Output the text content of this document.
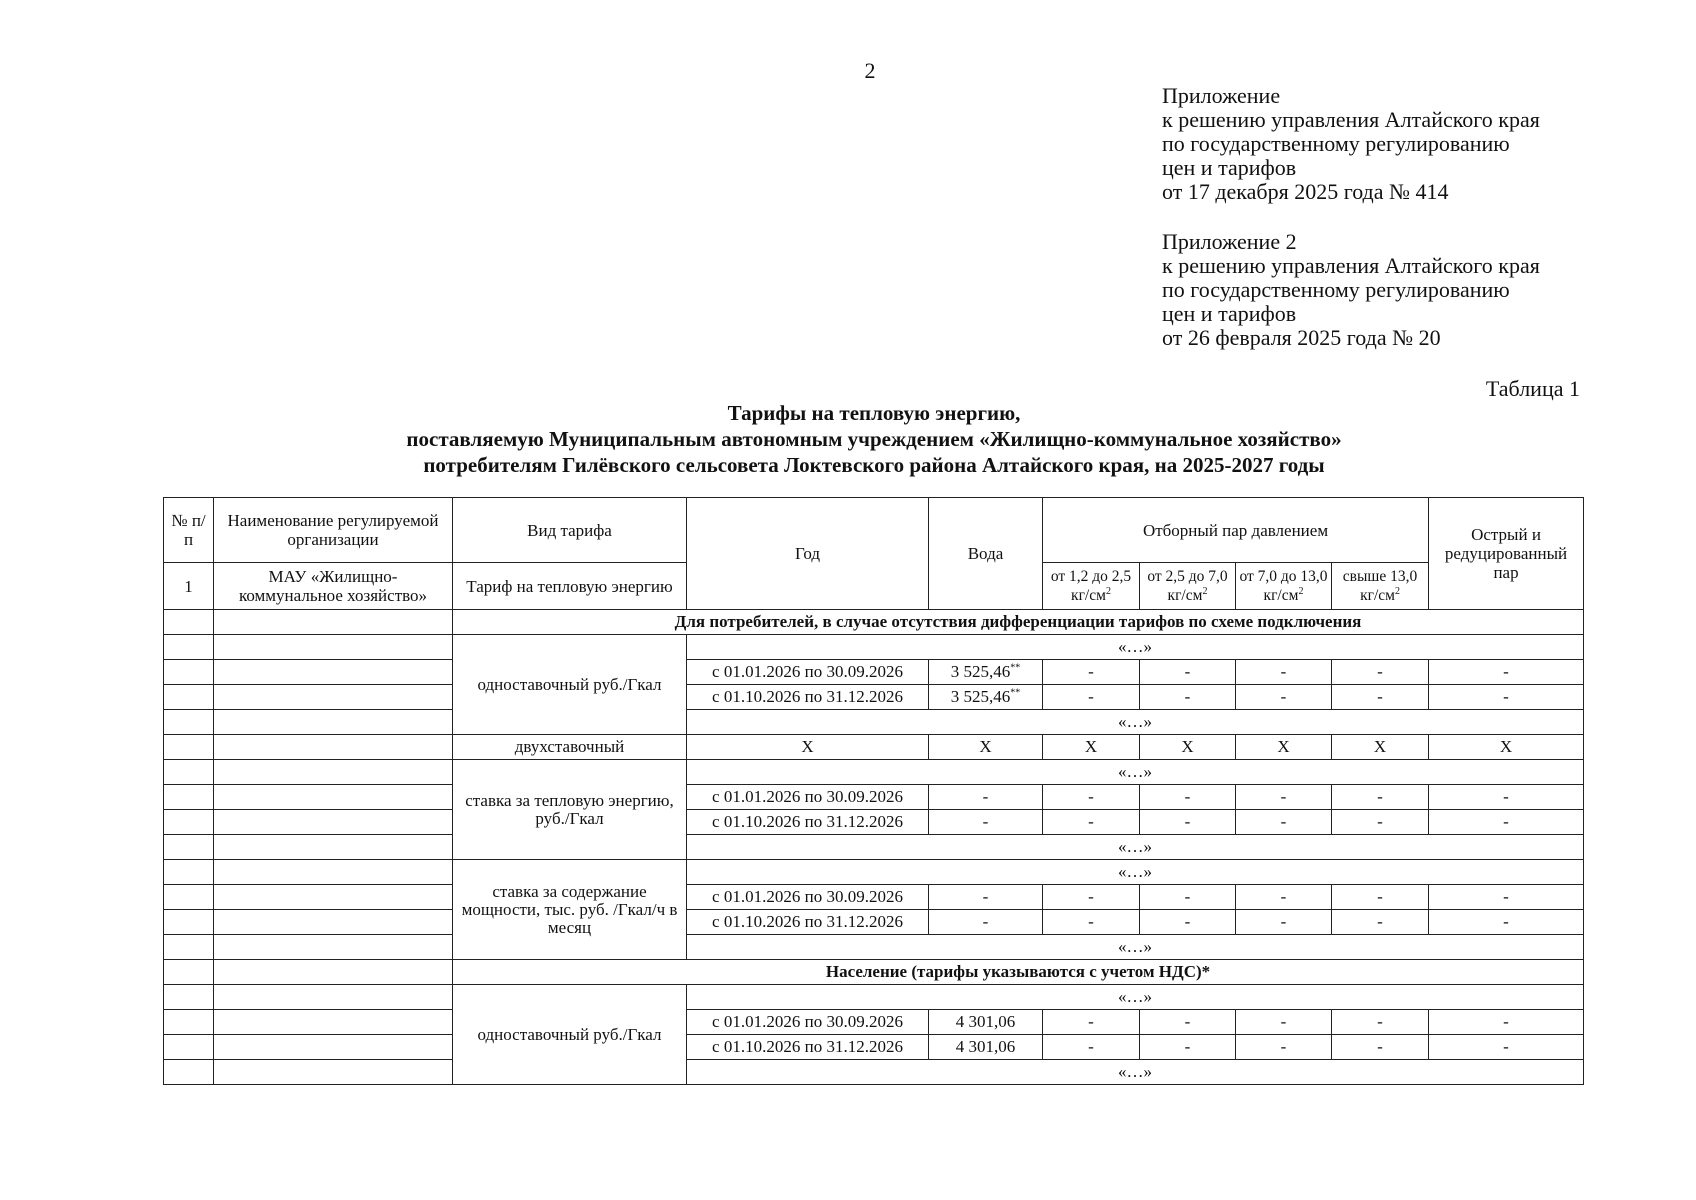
2
Приложение
к решению управления Алтайского края
по государственному регулированию
цен и тарифов
от 17 декабря 2025 года № 414
Приложение 2
к решению управления Алтайского края
по государственному регулированию
цен и тарифов
от 26 февраля 2025 года № 20
Таблица 1
Тарифы на тепловую энергию,
поставляемую Муниципальным автономным учреждением «Жилищно-коммунальное хозяйство»
потребителям Гилёвского сельсовета Локтевского района Алтайского края, на 2025-2027 годы
№ п/п	Наименование регулируемой организации	Вид тарифа	Год	Вода	Отборный пар давлением				Острый и редуцированный пар
1	МАУ «Жилищно-коммунальное хозяйство»	Тариф на тепловую энергию			от 1,2 до 2,5 $кг/см^2$	от 2,5 до 7,0 $кг/см^2$	от 7,0 до 13,0 $кг/см^2$	свыше 13,0 $кг/см^2$
		Для потребителей, в случае отсутствия дифференциации тарифов по схеме подключения							
		одноставочный руб./Гкал	«…»						
			с 01.01.2026 по 30.09.2026	3 525,46**	-	-	-	-	-
			с 01.10.2026 по 31.12.2026	3 525,46**	-	-	-	-	-
			«…»						
		двухставочный	Х	Х	Х	Х	Х	Х	Х
		ставка за тепловую энергию, руб./Гкал	«…»						
			с 01.01.2026 по 30.09.2026	-	-	-	-	-	-
			с 01.10.2026 по 31.12.2026	-	-	-	-	-	-
			«…»						
		ставка за содержание мощности, тыс. руб. /Гкал/ч в месяц	«…»						
			с 01.01.2026 по 30.09.2026	-	-	-	-	-	-
			с 01.10.2026 по 31.12.2026	-	-	-	-	-	-
			«…»						
		Население (тарифы указываются с учетом НДС)*							
		одноставочный руб./Гкал	«…»						
			с 01.01.2026 по 30.09.2026	4 301,06	-	-	-	-	-
			с 01.10.2026 по 31.12.2026	4 301,06	-	-	-	-	-
			«…»						
